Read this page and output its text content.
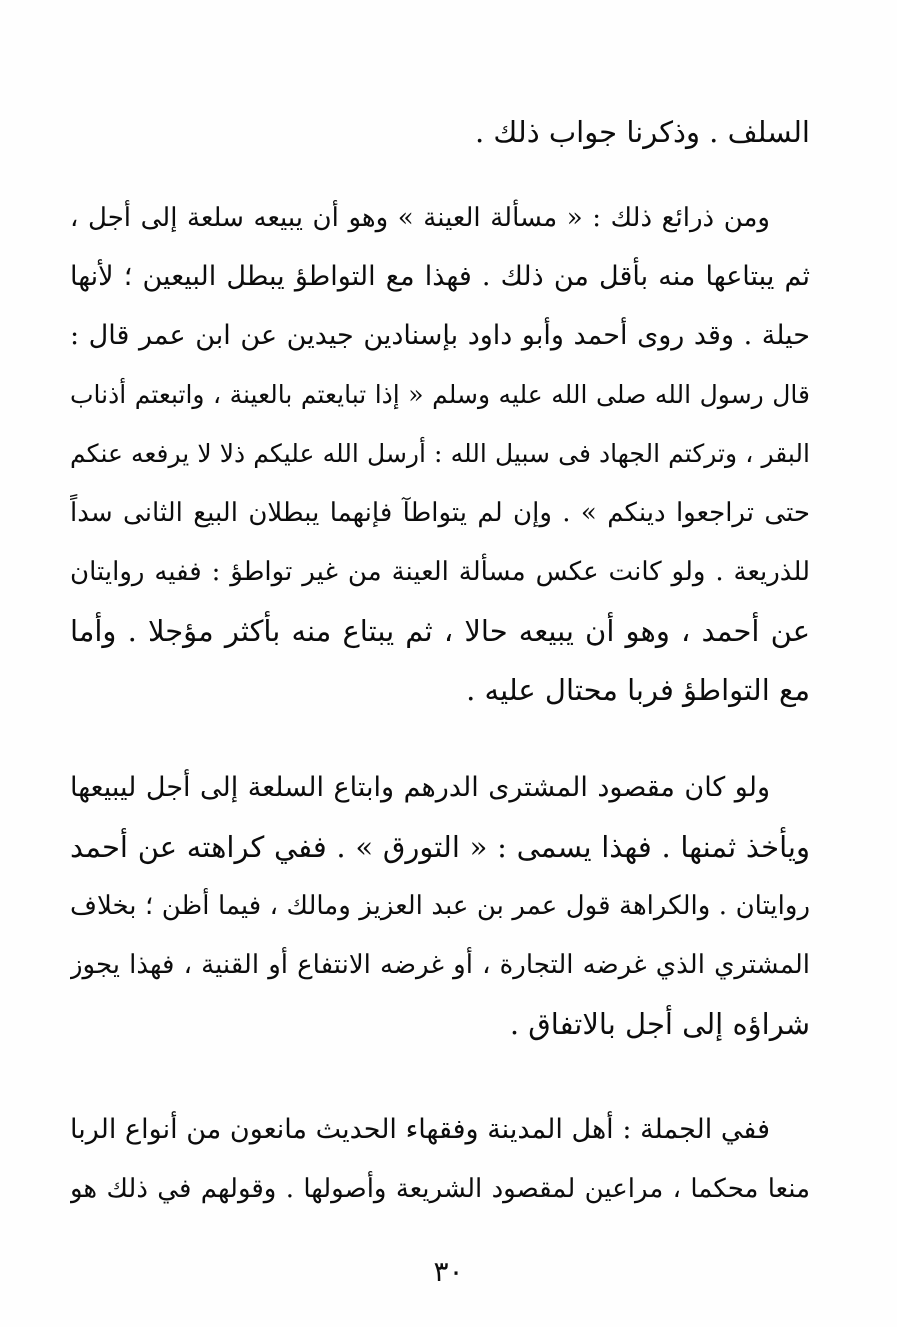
السلف . وذكرنا جواب ذلك .
ومن ذرائع ذلك : « مسألة العينة » وهو أن يبيعه سلعة إلى أجل ،
ثم يبتاعها منه بأقل من ذلك . فهذا مع التواطؤ يبطل البيعين ؛ لأنها
حيلة . وقد روى أحمد وأبو داود بإسنادين جيدين عن ابن عمر قال :
قال رسول الله صلى الله عليه وسلم « إذا تبايعتم بالعينة ، واتبعتم أذناب
البقر ، وتركتم الجهاد فى سبيل الله : أرسل الله عليكم ذلا لا يرفعه عنكم
حتى تراجعوا دينكم » . وإن لم يتواطآ فإنهما يبطلان البيع الثانى سداً
للذريعة . ولو كانت عكس مسألة العينة من غير تواطؤ : ففيه روايتان
عن أحمد ، وهو أن يبيعه حالا ، ثم يبتاع منه بأكثر مؤجلا . وأما
مع التواطؤ فربا محتال عليه .
ولو كان مقصود المشترى الدرهم وابتاع السلعة إلى أجل ليبيعها
ويأخذ ثمنها . فهذا يسمى : « التورق » . ففي كراهته عن أحمد
روايتان . والكراهة قول عمر بن عبد العزيز ومالك ، فيما أظن ؛ بخلاف
المشتري الذي غرضه التجارة ، أو غرضه الانتفاع أو القنية ، فهذا يجوز
شراؤه إلى أجل بالاتفاق .
ففي الجملة : أهل المدينة وفقهاء الحديث مانعون من أنواع الربا
منعا محكما ، مراعين لمقصود الشريعة وأصولها . وقولهم في ذلك هو
٣٠
